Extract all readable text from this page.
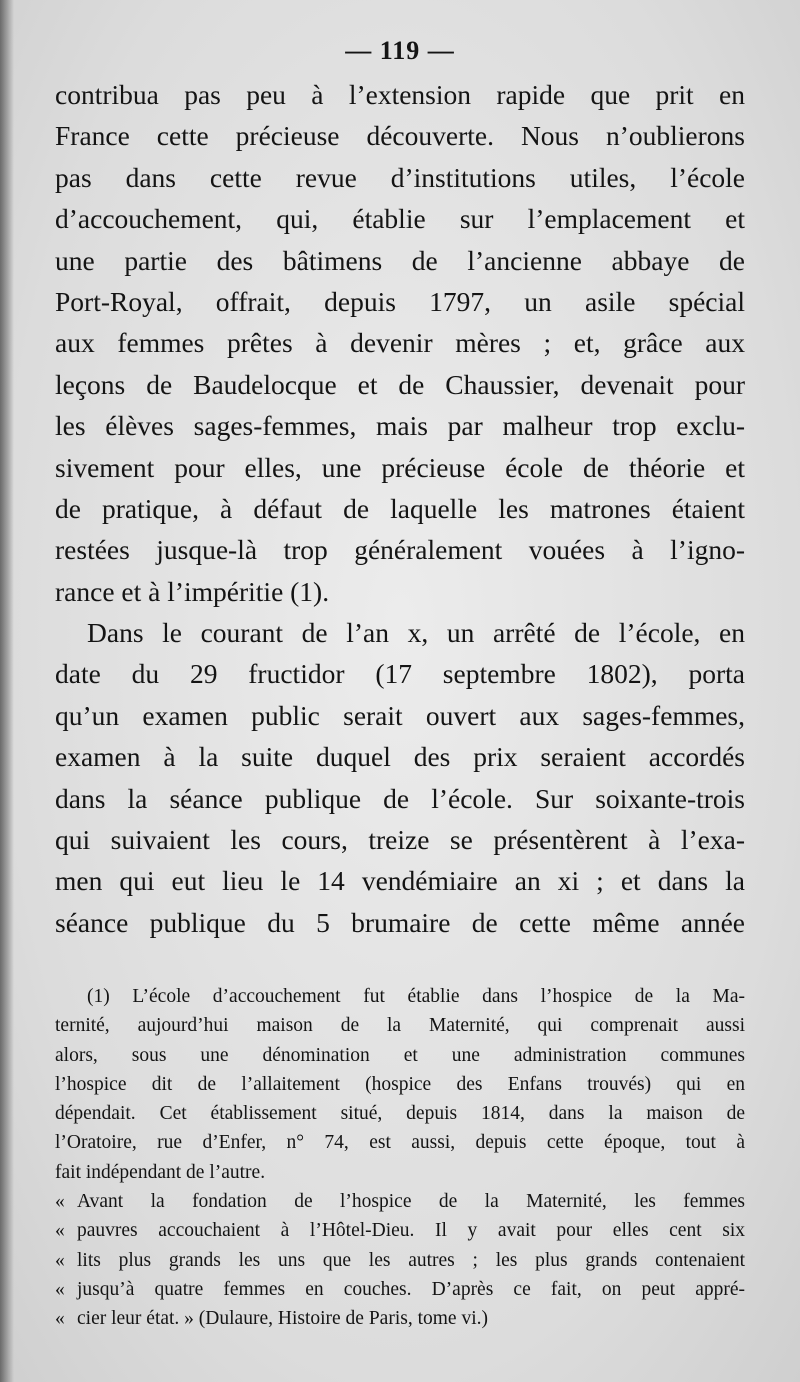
— 119 —
contribua pas peu à l’extension rapide que prit en
France cette précieuse découverte. Nous n’oublierons
pas dans cette revue d’institutions utiles, l’école
d’accouchement, qui, établie sur l’emplacement et
une partie des bâtimens de l’ancienne abbaye de
Port-Royal, offrait, depuis 1797, un asile spécial
aux femmes prêtes à devenir mères ; et, grâce aux
leçons de Baudelocque et de Chaussier, devenait pour
les élèves sages-femmes, mais par malheur trop exclu-
sivement pour elles, une précieuse école de théorie et
de pratique, à défaut de laquelle les matrones étaient
restées jusque-là trop généralement vouées à l’igno-
rance et à l’impéritie (1).
Dans le courant de l’an x, un arrêté de l’école, en
date du 29 fructidor (17 septembre 1802), porta
qu’un examen public serait ouvert aux sages-femmes,
examen à la suite duquel des prix seraient accordés
dans la séance publique de l’école. Sur soixante-trois
qui suivaient les cours, treize se présentèrent à l’exa-
men qui eut lieu le 14 vendémiaire an xi ; et dans la
séance publique du 5 brumaire de cette même année
(1) L’école d’accouchement fut établie dans l’hospice de la Ma-
ternité, aujourd’hui maison de la Maternité, qui comprenait aussi
alors, sous une dénomination et une administration communes
l’hospice dit de l’allaitement (hospice des Enfans trouvés) qui en
dépendait. Cet établissement situé, depuis 1814, dans la maison de
l’Oratoire, rue d’Enfer, n° 74, est aussi, depuis cette époque, tout à
fait indépendant de l’autre.
« Avant la fondation de l’hospice de la Maternité, les femmes
« pauvres accouchaient à l’Hôtel-Dieu. Il y avait pour elles cent six
« lits plus grands les uns que les autres ; les plus grands contenaient
« jusqu’à quatre femmes en couches. D’après ce fait, on peut appré-
« cier leur état. » (Dulaure, Histoire de Paris, tome vi.)
